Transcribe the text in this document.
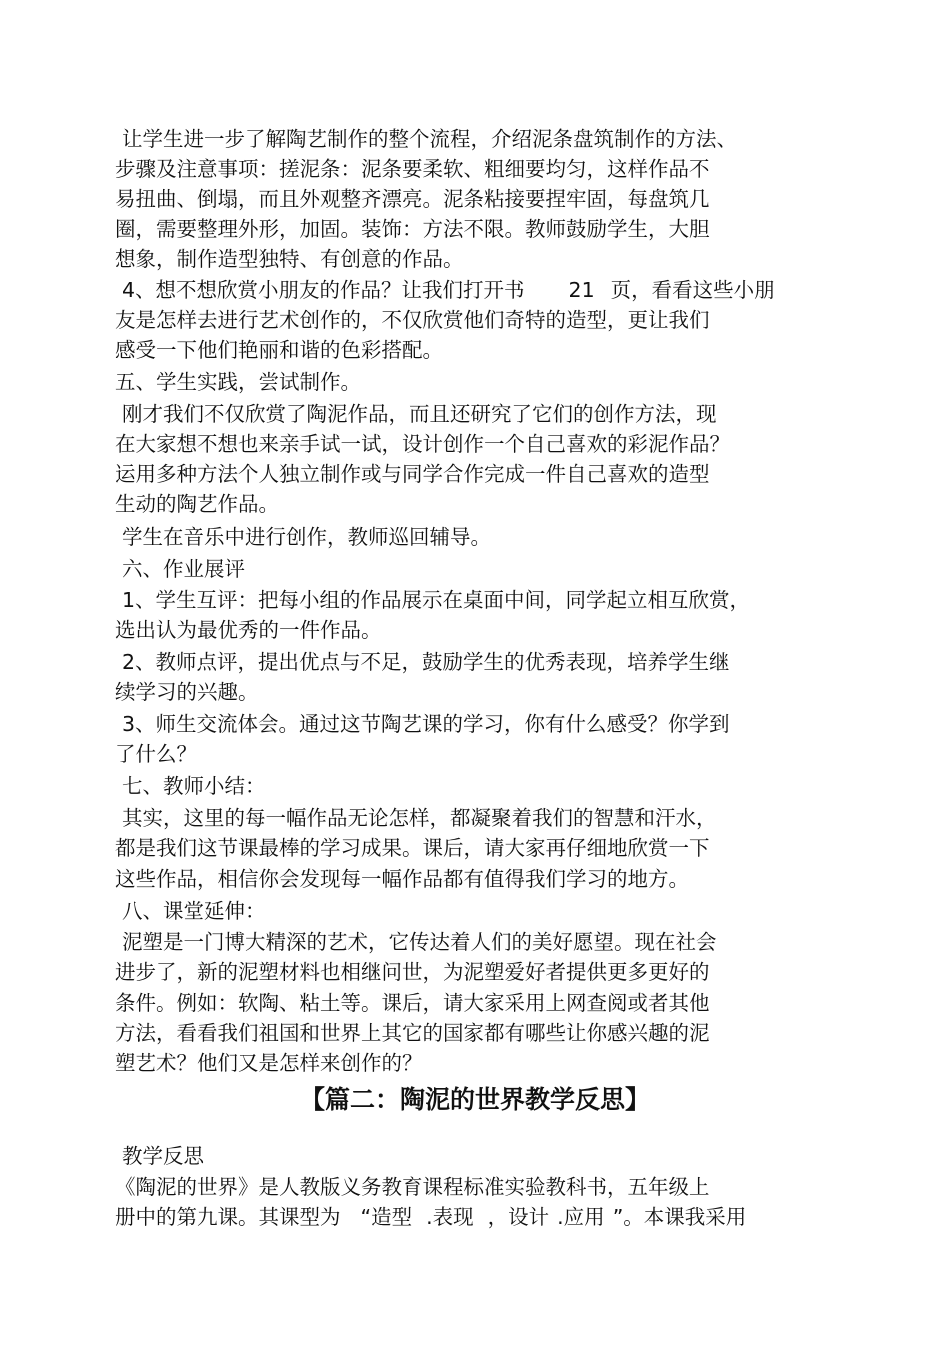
让学生进一步了解陶艺制作的整个流程，介绍泥条盘筑制作的方法、

步骤及注意事项：搓泥条：泥条要柔软、粗细要均匀，这样作品不

易扭曲、倒塌，而且外观整齐漂亮。泥条粘接要捏牢固，每盘筑几

圈，需要整理外形，加固。装饰：方法不限。教师鼓励学生，大胆

想象，制作造型独特、有创意的作品。

4、想不想欣赏小朋友的作品？让我们打开书 21 页，看看这些小朋

友是怎样去进行艺术创作的，不仅欣赏他们奇特的造型，更让我们

感受一下他们艳丽和谐的色彩搭配。

五、学生实践，尝试制作。

刚才我们不仅欣赏了陶泥作品，而且还研究了它们的创作方法，现

在大家想不想也来亲手试一试，设计创作一个自己喜欢的彩泥作品？

运用多种方法个人独立制作或与同学合作完成一件自己喜欢的造型

生动的陶艺作品。

学生在音乐中进行创作，教师巡回辅导。

六、作业展评

1、学生互评：把每小组的作品展示在桌面中间，同学起立相互欣赏，

选出认为最优秀的一件作品。

2、教师点评，提出优点与不足，鼓励学生的优秀表现，培养学生继

续学习的兴趣。

3、师生交流体会。通过这节陶艺课的学习，你有什么感受？你学到

了什么？

七、教师小结：

其实，这里的每一幅作品无论怎样，都凝聚着我们的智慧和汗水，

都是我们这节课最棒的学习成果。课后，请大家再仔细地欣赏一下

这些作品，相信你会发现每一幅作品都有值得我们学习的地方。

八、课堂延伸：

泥塑是一门博大精深的艺术，它传达着人们的美好愿望。现在社会

进步了，新的泥塑材料也相继问世，为泥塑爱好者提供更多更好的

条件。例如：软陶、粘土等。课后，请大家采用上网查阅或者其他

方法，看看我们祖国和世界上其它的国家都有哪些让你感兴趣的泥

塑艺术？他们又是怎样来创作的？

【篇二：陶泥的世界教学反思】

教学反思

《陶泥的世界》是人教版义务教育课程标准实验教科书，五年级上

册中的第九课。其课型为 “造型 .表现 ，设计 .应用 ”。本课我采用
